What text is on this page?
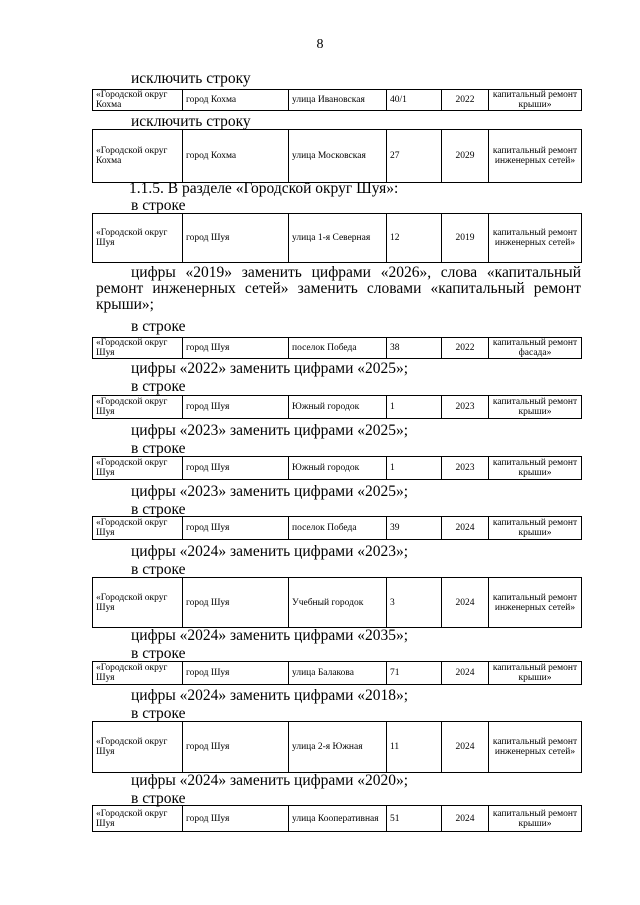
8
исключить строку
«Городской округ Кохма	город Кохма	улица Ивановская	40/1	2022	капитальный ремонт крыши»
исключить строку
«Городской округ Кохма	город Кохма	улица Московская	27	2029	капитальный ремонт инженерных сетей»
1.1.5. В разделе «Городской округ Шуя»:
в строке
«Городской округ Шуя	город Шуя	улица 1-я Северная	12	2019	капитальный ремонт инженерных сетей»
цифры «2019» заменить цифрами «2026», слова «капитальный
ремонт инженерных сетей» заменить словами «капитальный ремонт
крыши»;
в строке
«Городской округ Шуя	город Шуя	поселок Победа	38	2022	капитальный ремонт фасада»
цифры «2022» заменить цифрами «2025»;
в строке
«Городской округ Шуя	город Шуя	Южный городок	1	2023	капитальный ремонт крыши»
цифры «2023» заменить цифрами «2025»;
в строке
«Городской округ Шуя	город Шуя	Южный городок	1	2023	капитальный ремонт крыши»
цифры «2023» заменить цифрами «2025»;
в строке
«Городской округ Шуя	город Шуя	поселок Победа	39	2024	капитальный ремонт крыши»
цифры «2024» заменить цифрами «2023»;
в строке
«Городской округ Шуя	город Шуя	Учебный городок	3	2024	капитальный ремонт инженерных сетей»
цифры «2024» заменить цифрами «2035»;
в строке
«Городской округ Шуя	город Шуя	улица Балакова	71	2024	капитальный ремонт крыши»
цифры «2024» заменить цифрами «2018»;
в строке
«Городской округ Шуя	город Шуя	улица 2-я Южная	11	2024	капитальный ремонт инженерных сетей»
цифры «2024» заменить цифрами «2020»;
в строке
«Городской округ Шуя	город Шуя	улица Кооперативная	51	2024	капитальный ремонт крыши»
